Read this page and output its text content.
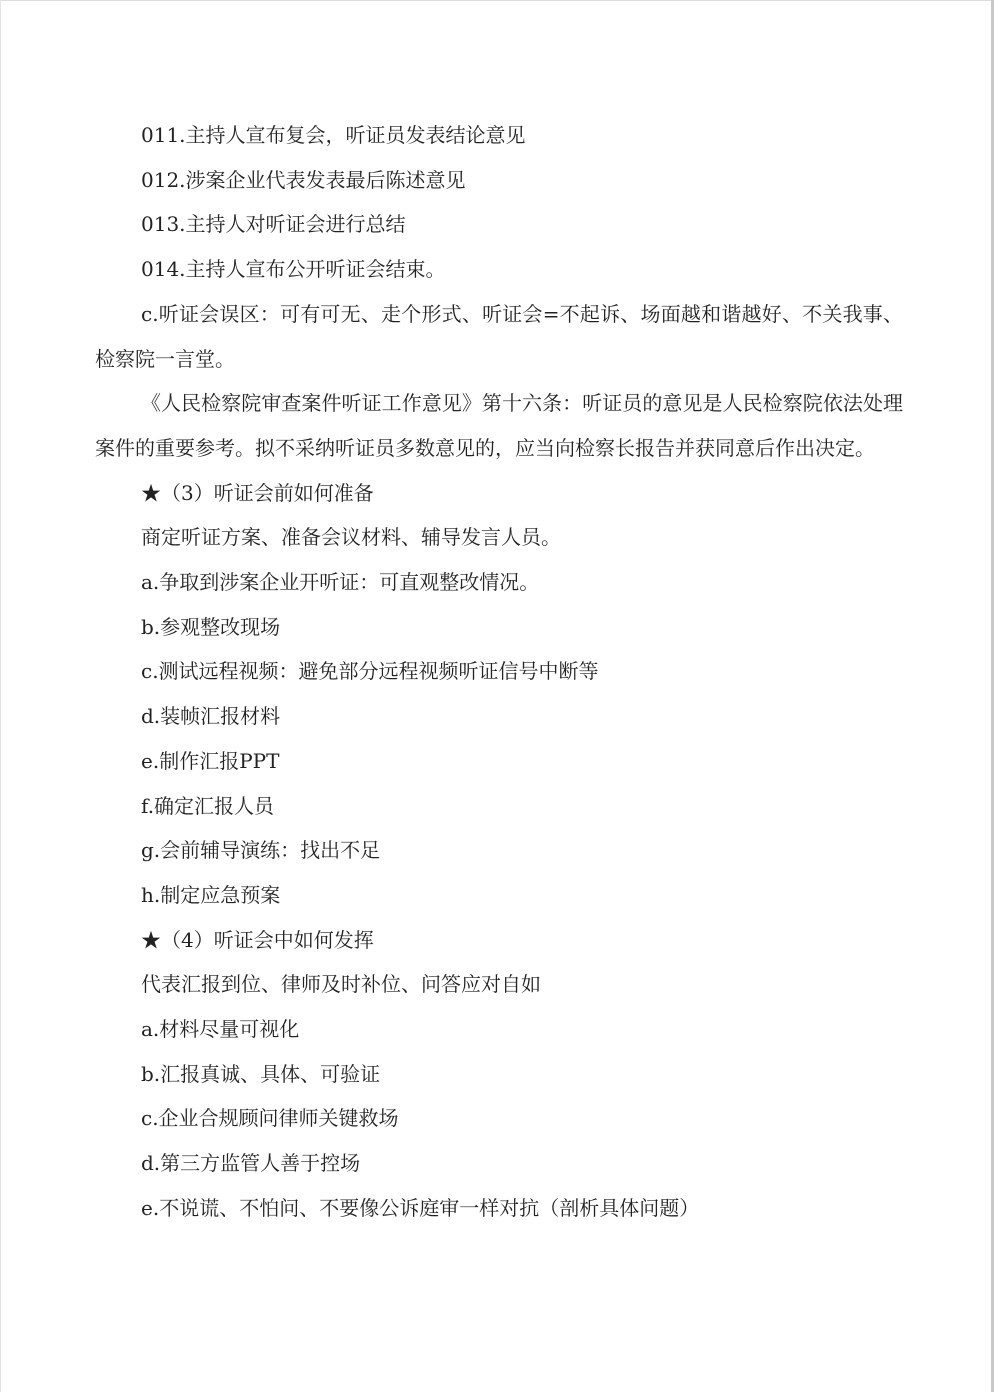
011.主持人宣布复会，听证员发表结论意见

012.涉案企业代表发表最后陈述意见

013.主持人对听证会进行总结

014.主持人宣布公开听证会结束。

c.听证会误区：可有可无、走个形式、听证会=不起诉、场面越和谐越好、不关我事、检察院一言堂。

《人民检察院审查案件听证工作意见》第十六条：听证员的意见是人民检察院依法处理案件的重要参考。拟不采纳听证员多数意见的，应当向检察长报告并获同意后作出决定。

★（3）听证会前如何准备

商定听证方案、准备会议材料、辅导发言人员。

a.争取到涉案企业开听证：可直观整改情况。

b.参观整改现场

c.测试远程视频：避免部分远程视频听证信号中断等

d.装帧汇报材料

e.制作汇报PPT

f.确定汇报人员

g.会前辅导演练：找出不足

h.制定应急预案

★（4）听证会中如何发挥

代表汇报到位、律师及时补位、问答应对自如

a.材料尽量可视化

b.汇报真诚、具体、可验证

c.企业合规顾问律师关键救场

d.第三方监管人善于控场

e.不说谎、不怕问、不要像公诉庭审一样对抗（剖析具体问题）
